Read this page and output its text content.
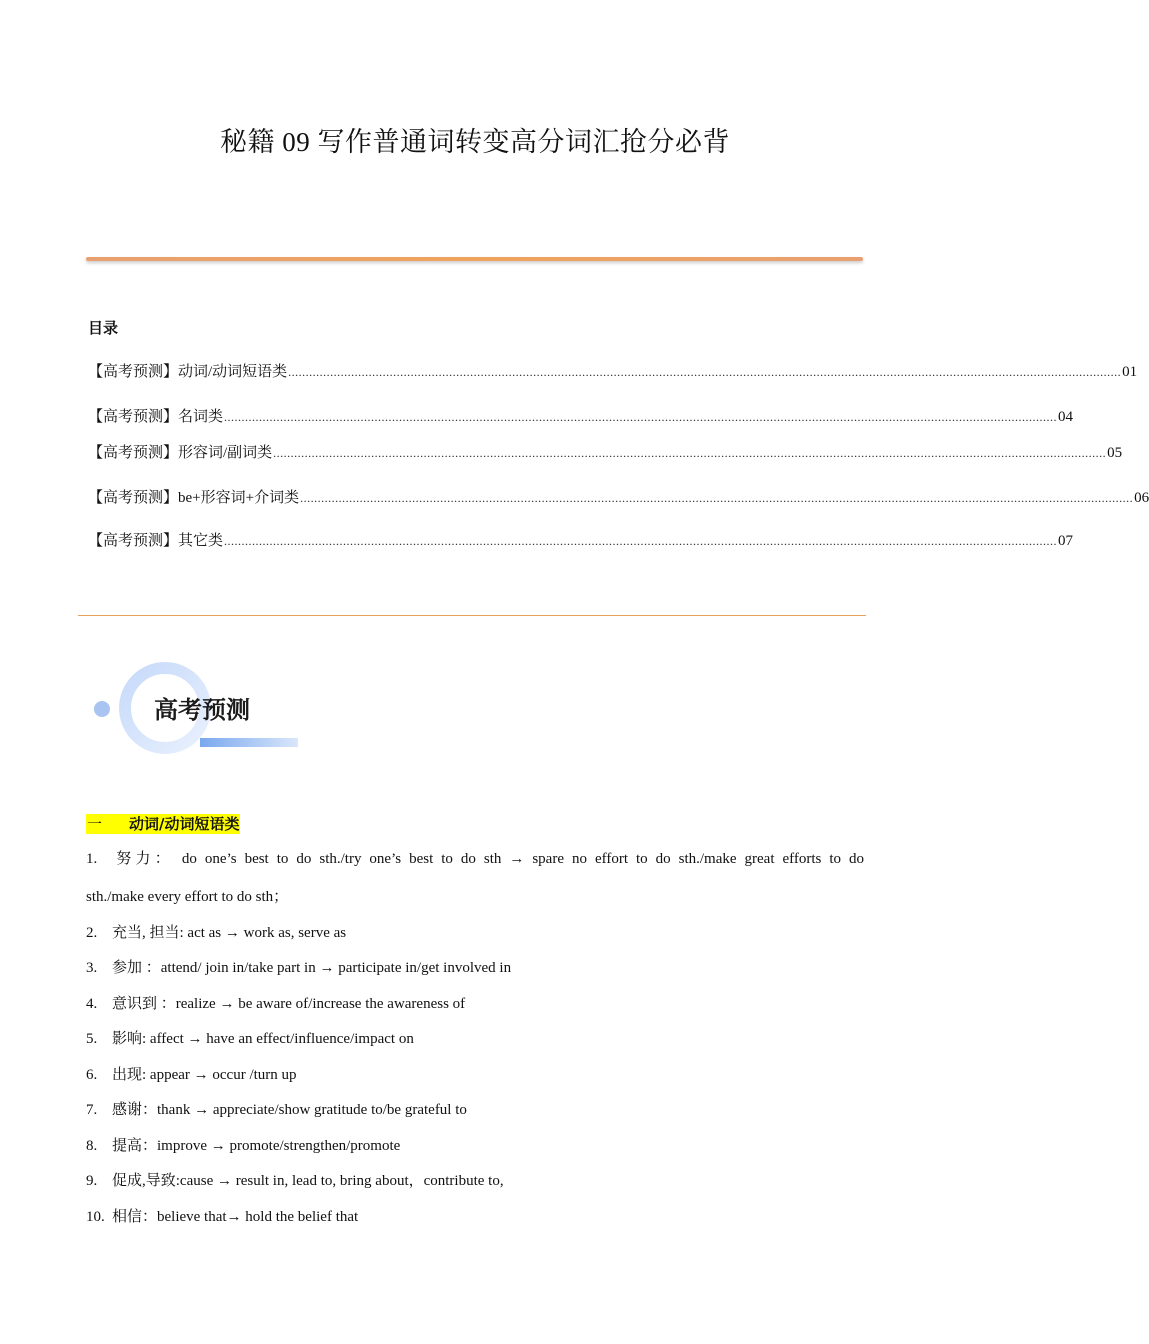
秘籍 09 写作普通词转变高分词汇抢分必背
目录
【高考预测】动词/动词短语类 .............................................................................................................................................................................................................................................. 01
【高考预测】名词类 .............................................................................................................................................................................................................................................. 04
【高考预测】形容词/副词类 .............................................................................................................................................................................................................................................. 05
【高考预测】be+形容词+介词类 .............................................................................................................................................................................................................................................. 06
【高考预测】其它类 .............................................................................................................................................................................................................................................. 07
高考预测
一 动词/动词短语类
1. 努力： do one’s best to do sth./try one’s best to do sth → spare no effort to do sth./make great efforts to do
sth./make every effort to do sth；
2. 充当, 担当: act as → work as, serve as
3. 参加 ：attend/ join in/take part in → participate in/get involved in
4. 意识到 ：realize → be aware of/increase the awareness of
5. 影响: affect → have an effect/influence/impact on
6. 出现: appear → occur /turn up
7. 感谢：thank → appreciate/show gratitude to/be grateful to
8. 提高：improve → promote/strengthen/promote
9. 促成,导致:cause → result in, lead to, bring about，contribute to,
10. 相信：believe that→ hold the belief that
